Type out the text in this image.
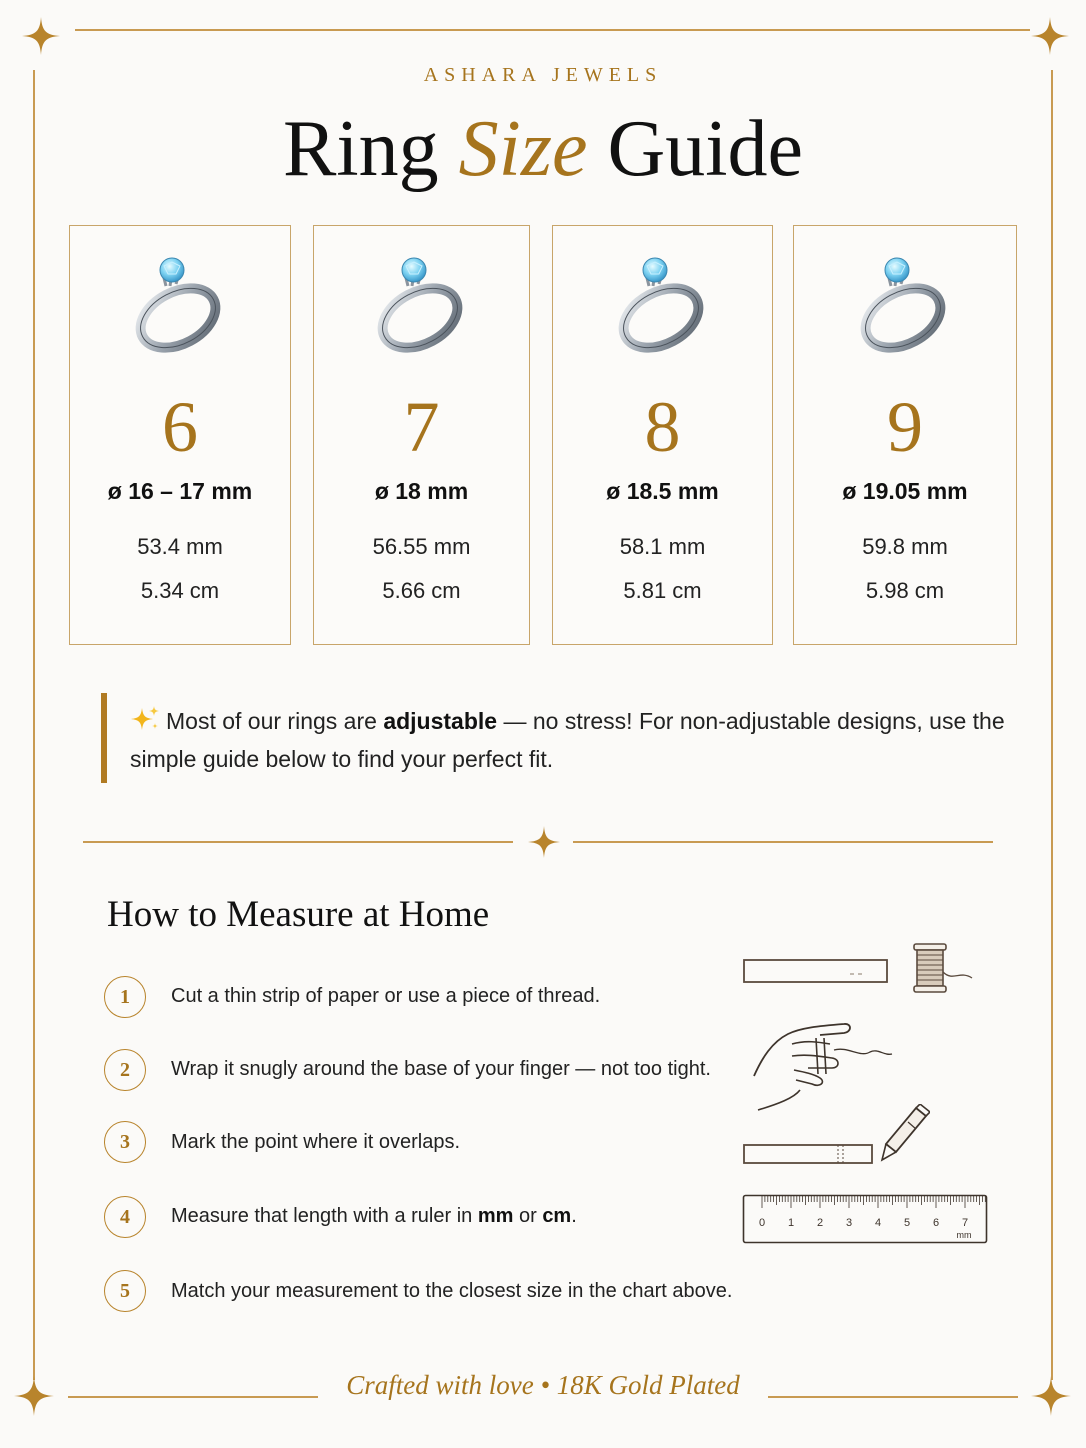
ASHARA JEWELS
Ring Size Guide
6
ø 16 – 17 mm
53.4 mm
5.34 cm
7
ø 18 mm
56.55 mm
5.66 cm
8
ø 18.5 mm
58.1 mm
5.81 cm
9
ø 19.05 mm
59.8 mm
5.98 cm
Most of our rings are adjustable — no stress! For non-adjustable designs, use the simple guide below to find your perfect fit.
How to Measure at Home
1	Cut a thin strip of paper or use a piece of thread.
2	Wrap it snugly around the base of your finger — not too tight.
3	Mark the point where it overlaps.
4	Measure that length with a ruler in mm or cm.
5	Match your measurement to the closest size in the chart above.
0 1 2 3 4 5 6 7
mm
Crafted with love • 18K Gold Plated
